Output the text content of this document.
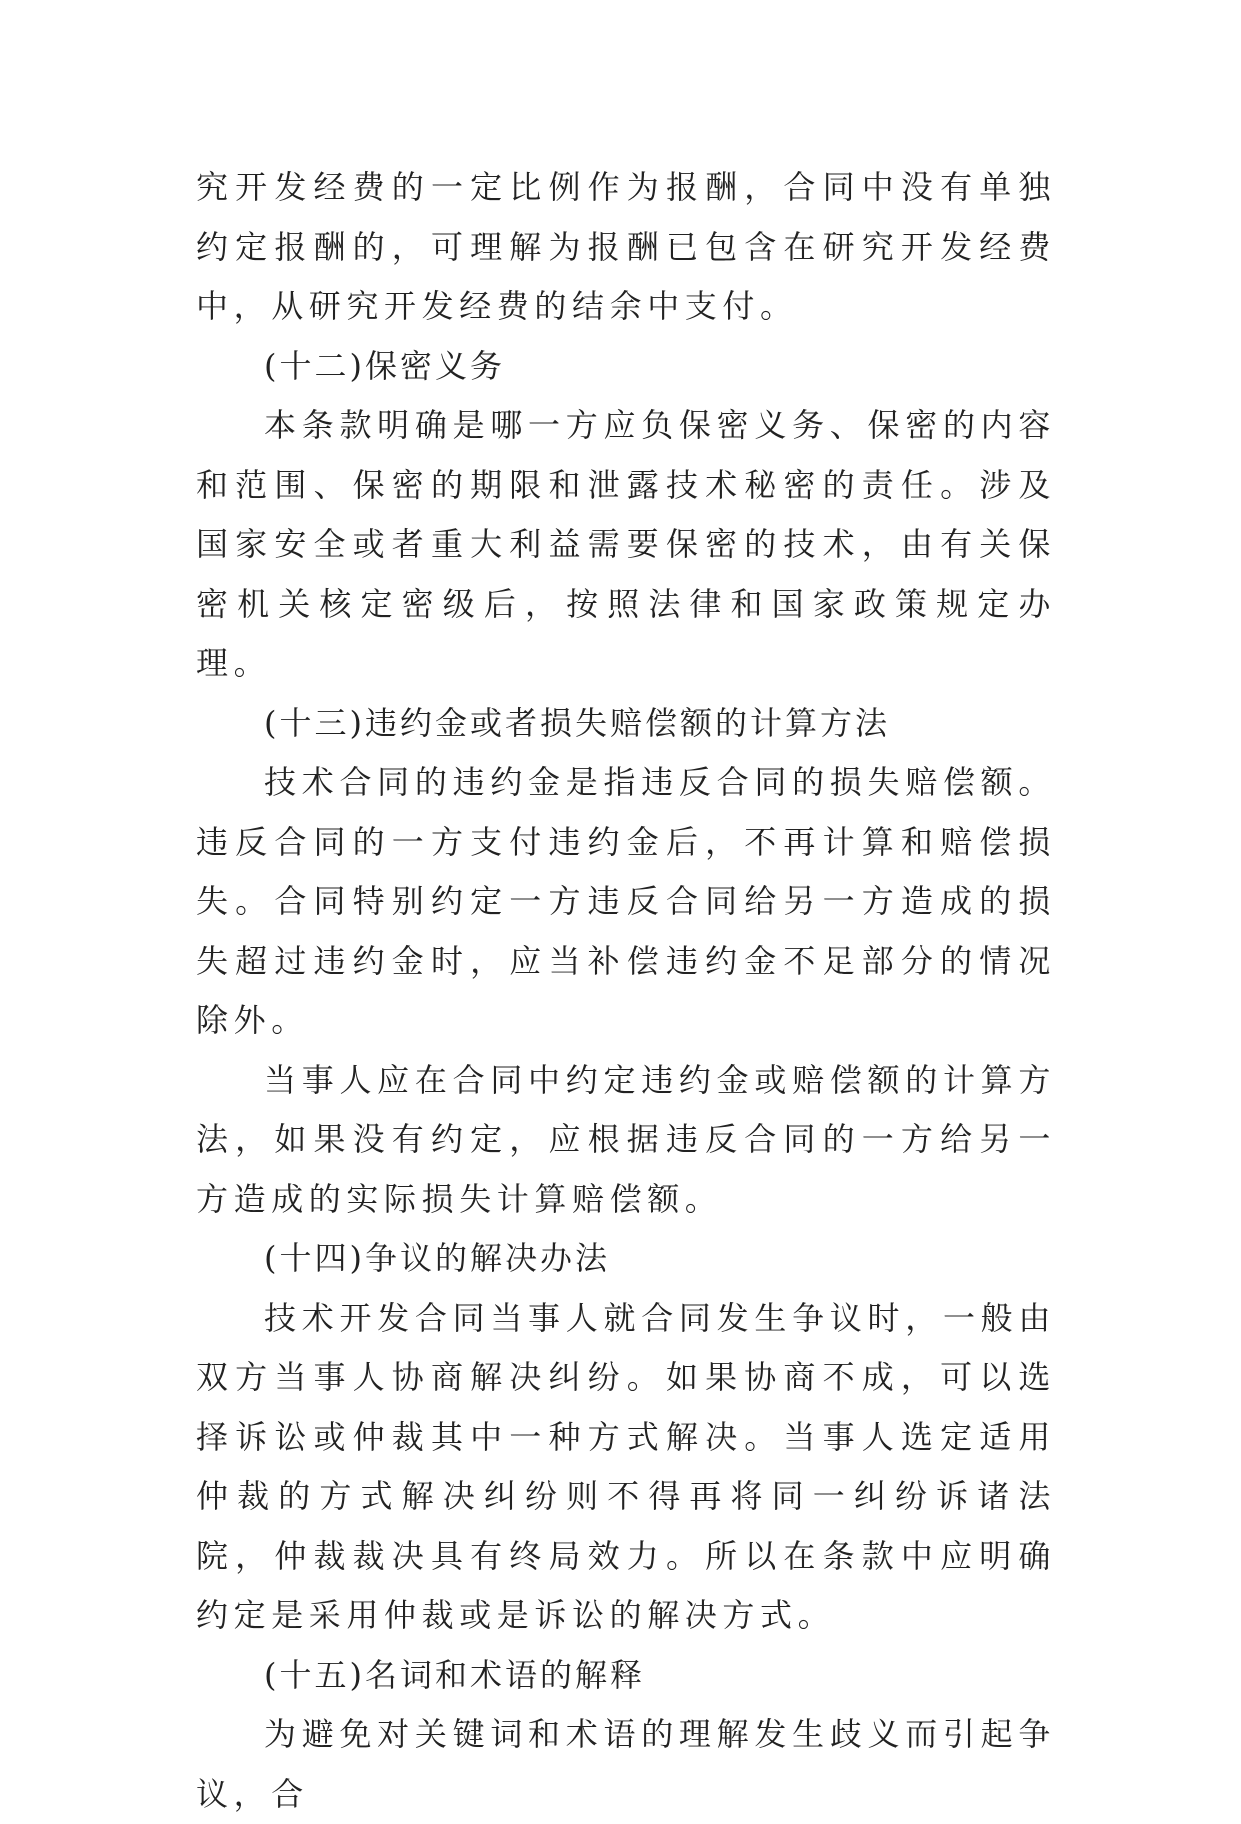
究开发经费的一定比例作为报酬，合同中没有单独约定报酬的，可理解为报酬已包含在研究开发经费中，从研究开发经费的结余中支付。

(十二)保密义务

本条款明确是哪一方应负保密义务、保密的内容和范围、保密的期限和泄露技术秘密的责任。涉及国家安全或者重大利益需要保密的技术，由有关保密机关核定密级后，按照法律和国家政策规定办理。

(十三)违约金或者损失赔偿额的计算方法

技术合同的违约金是指违反合同的损失赔偿额。违反合同的一方支付违约金后，不再计算和赔偿损失。合同特别约定一方违反合同给另一方造成的损失超过违约金时，应当补偿违约金不足部分的情况除外。

当事人应在合同中约定违约金或赔偿额的计算方法，如果没有约定，应根据违反合同的一方给另一方造成的实际损失计算赔偿额。

(十四)争议的解决办法

技术开发合同当事人就合同发生争议时，一般由双方当事人协商解决纠纷。如果协商不成，可以选择诉讼或仲裁其中一种方式解决。当事人选定适用仲裁的方式解决纠纷则不得再将同一纠纷诉诸法院，仲裁裁决具有终局效力。所以在条款中应明确约定是采用仲裁或是诉讼的解决方式。

(十五)名词和术语的解释

为避免对关键词和术语的理解发生歧义而引起争议，合
